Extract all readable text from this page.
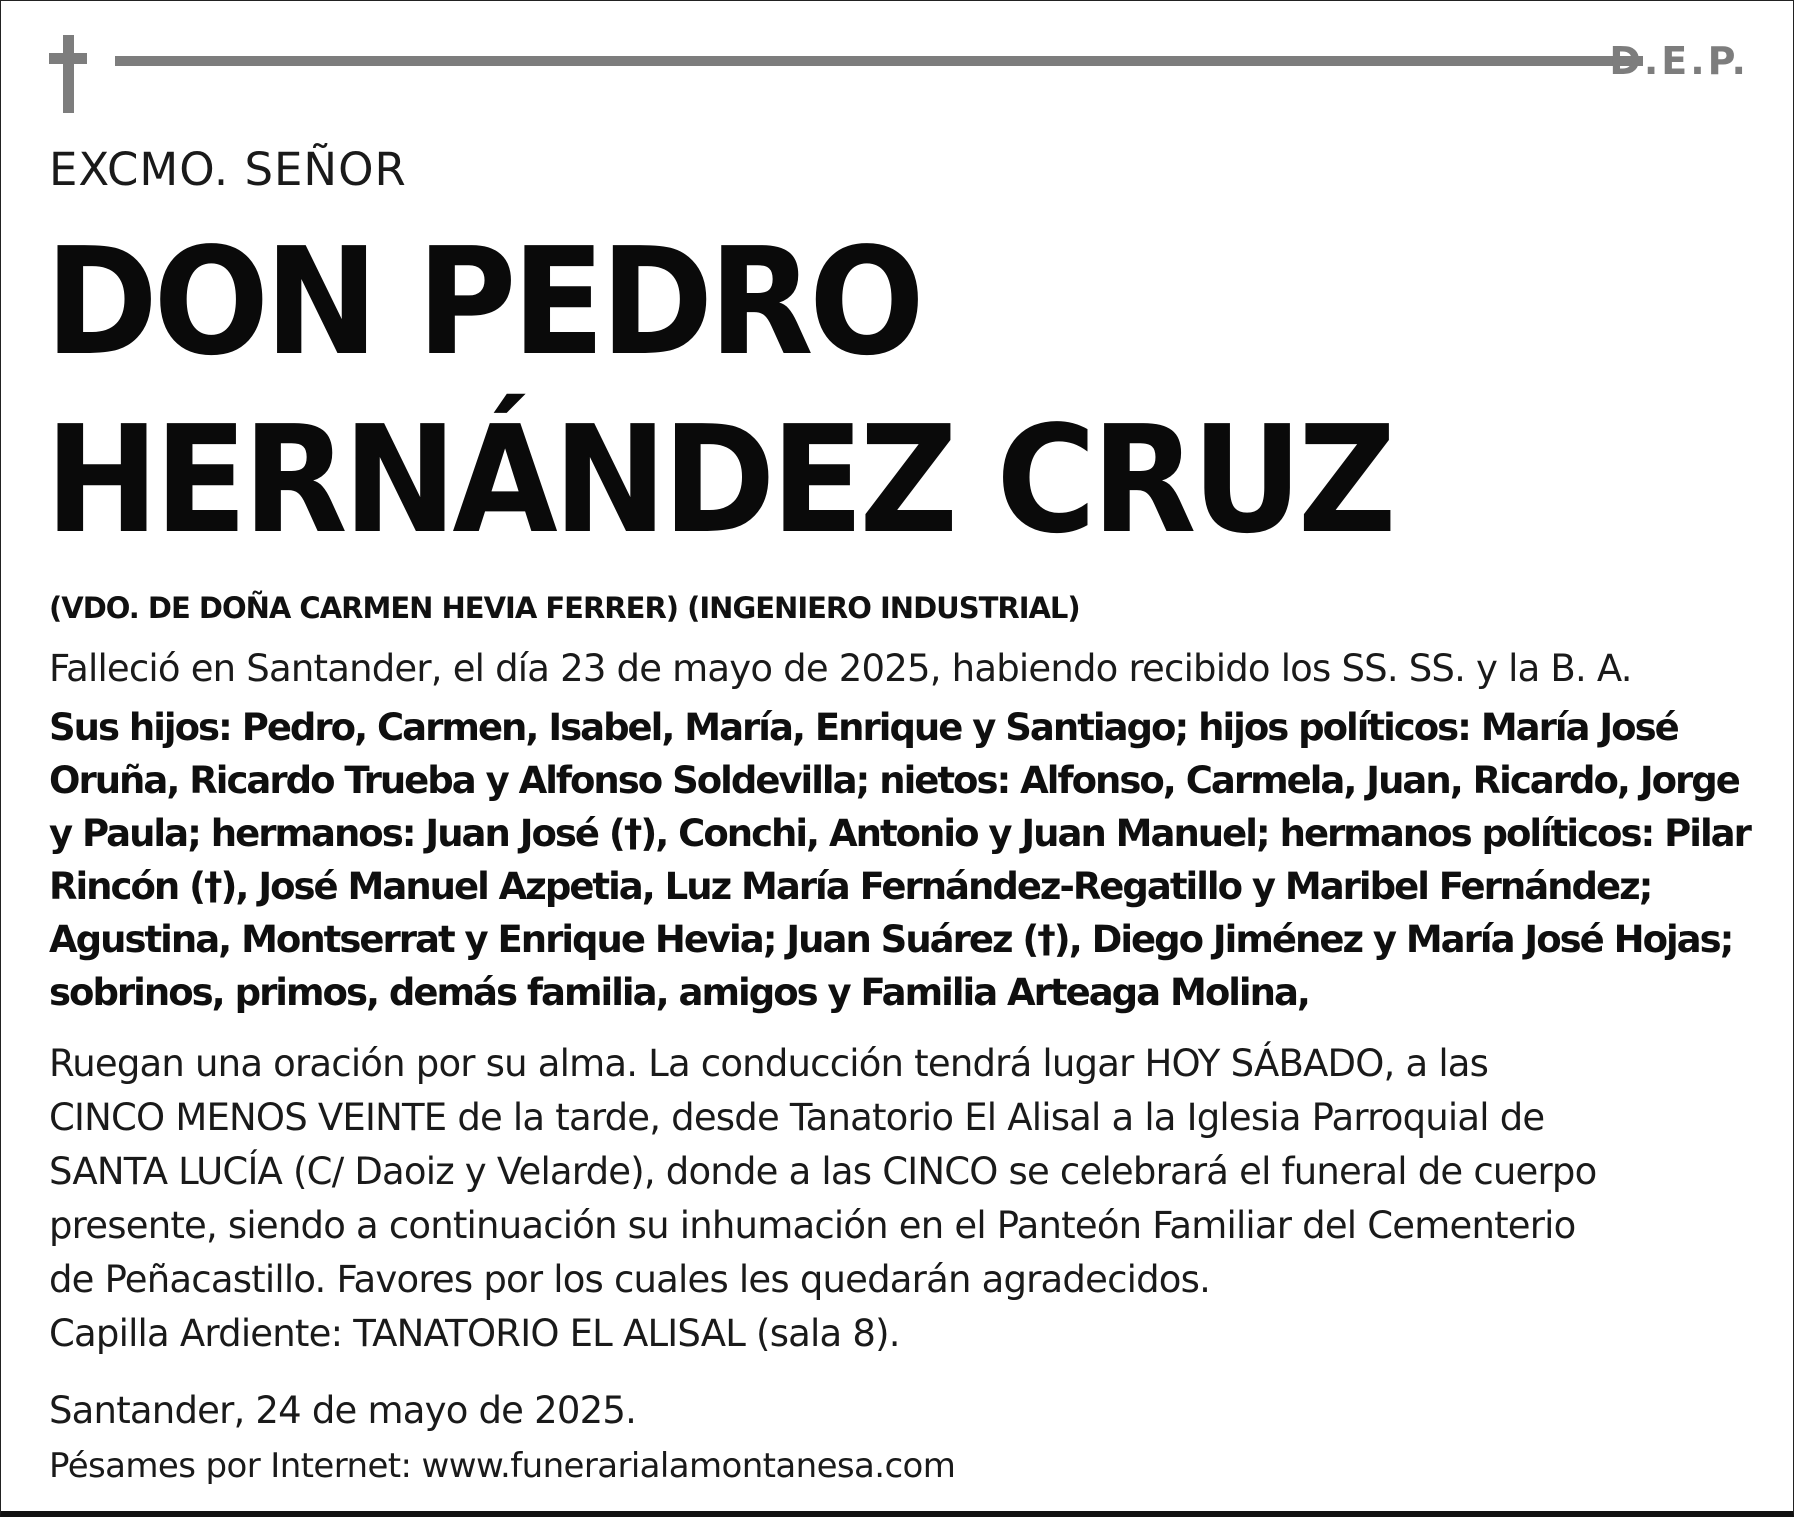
D.E.P.
EXCMO. SEÑOR
DON PEDRO
HERNÁNDEZ CRUZ
(VDO. DE DOÑA CARMEN HEVIA FERRER) (INGENIERO INDUSTRIAL)
Falleció en Santander, el día 23 de mayo de 2025, habiendo recibido los SS. SS. y la B. A.
Sus hijos: Pedro, Carmen, Isabel, María, Enrique y Santiago; hijos políticos: María José
Oruña, Ricardo Trueba y Alfonso Soldevilla; nietos: Alfonso, Carmela, Juan, Ricardo, Jorge
y Paula; hermanos: Juan José (†), Conchi, Antonio y Juan Manuel; hermanos políticos: Pilar
Rincón (†), José Manuel Azpetia, Luz María Fernández-Regatillo y Maribel Fernández;
Agustina, Montserrat y Enrique Hevia; Juan Suárez (†), Diego Jiménez y María José Hojas;
sobrinos, primos, demás familia, amigos y Familia Arteaga Molina,
Ruegan una oración por su alma. La conducción tendrá lugar HOY SÁBADO, a las
CINCO MENOS VEINTE de la tarde, desde Tanatorio El Alisal a la Iglesia Parroquial de
SANTA LUCÍA (C/ Daoiz y Velarde), donde a las CINCO se celebrará el funeral de cuerpo
presente, siendo a continuación su inhumación en el Panteón Familiar del Cementerio
de Peñacastillo. Favores por los cuales les quedarán agradecidos.
Capilla Ardiente: TANATORIO EL ALISAL (sala 8).
Santander, 24 de mayo de 2025.
Pésames por Internet: www.funerarialamontanesa.com
